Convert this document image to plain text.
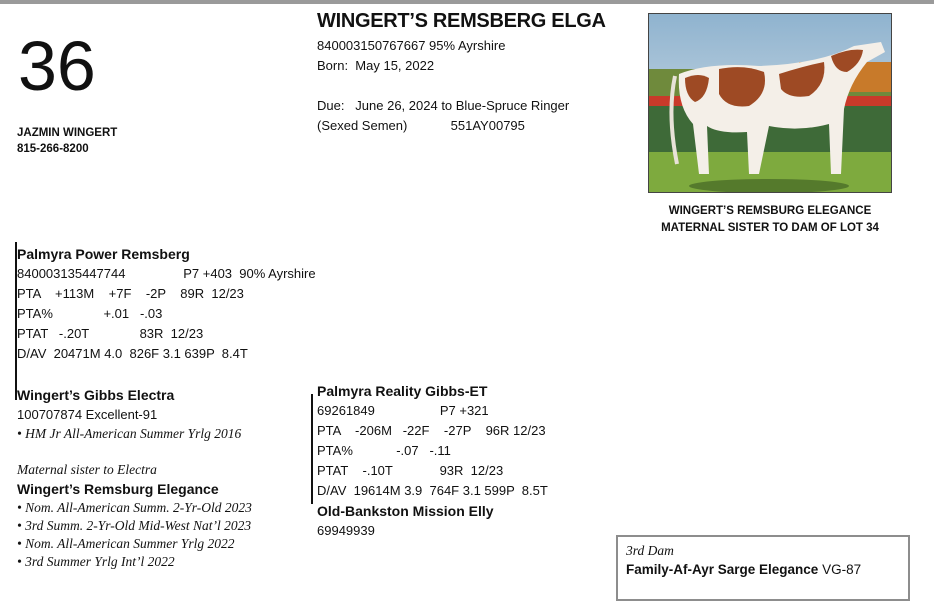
36
JAZMIN WINGERT
815-266-8200
WINGERT’S REMSBERG ELGA
840003150767667 95% Ayrshire
Born:  May 15, 2022
Due:   June 26, 2024 to Blue-Spruce Ringer
(Sexed Semen)            551AY00795
WINGERT’S REMSBURG ELEGANCE
MATERNAL SISTER TO DAM OF LOT 34
Palmyra Power Remsberg
840003135447744                P7 +403  90% Ayrshire
PTA    +113M    +7F    -2P    89R  12/23
PTA%              +.01   -.03
PTAT   -.20T              83R  12/23
D/AV  20471M 4.0  826F 3.1 639P  8.4T
Wingert’s Gibbs Electra
100707874 Excellent-91
• HM Jr All-American Summer Yrlg 2016
Maternal sister to Electra
Wingert’s Remsburg Elegance
• Nom. All-American Summ. 2-Yr-Old 2023
• 3rd Summ. 2-Yr-Old Mid-West Nat’l 2023
• Nom. All-American Summer Yrlg 2022
• 3rd Summer Yrlg Int’l 2022
Palmyra Reality Gibbs-ET
69261849                  P7 +321
PTA    -206M   -22F    -27P    96R 12/23
PTA%            -.07   -.11
PTAT    -.10T             93R  12/23
D/AV  19614M 3.9  764F 3.1 599P  8.5T
Old-Bankston Mission Elly
69949939
3rd Dam
Family-Af-Ayr Sarge Elegance VG-87
